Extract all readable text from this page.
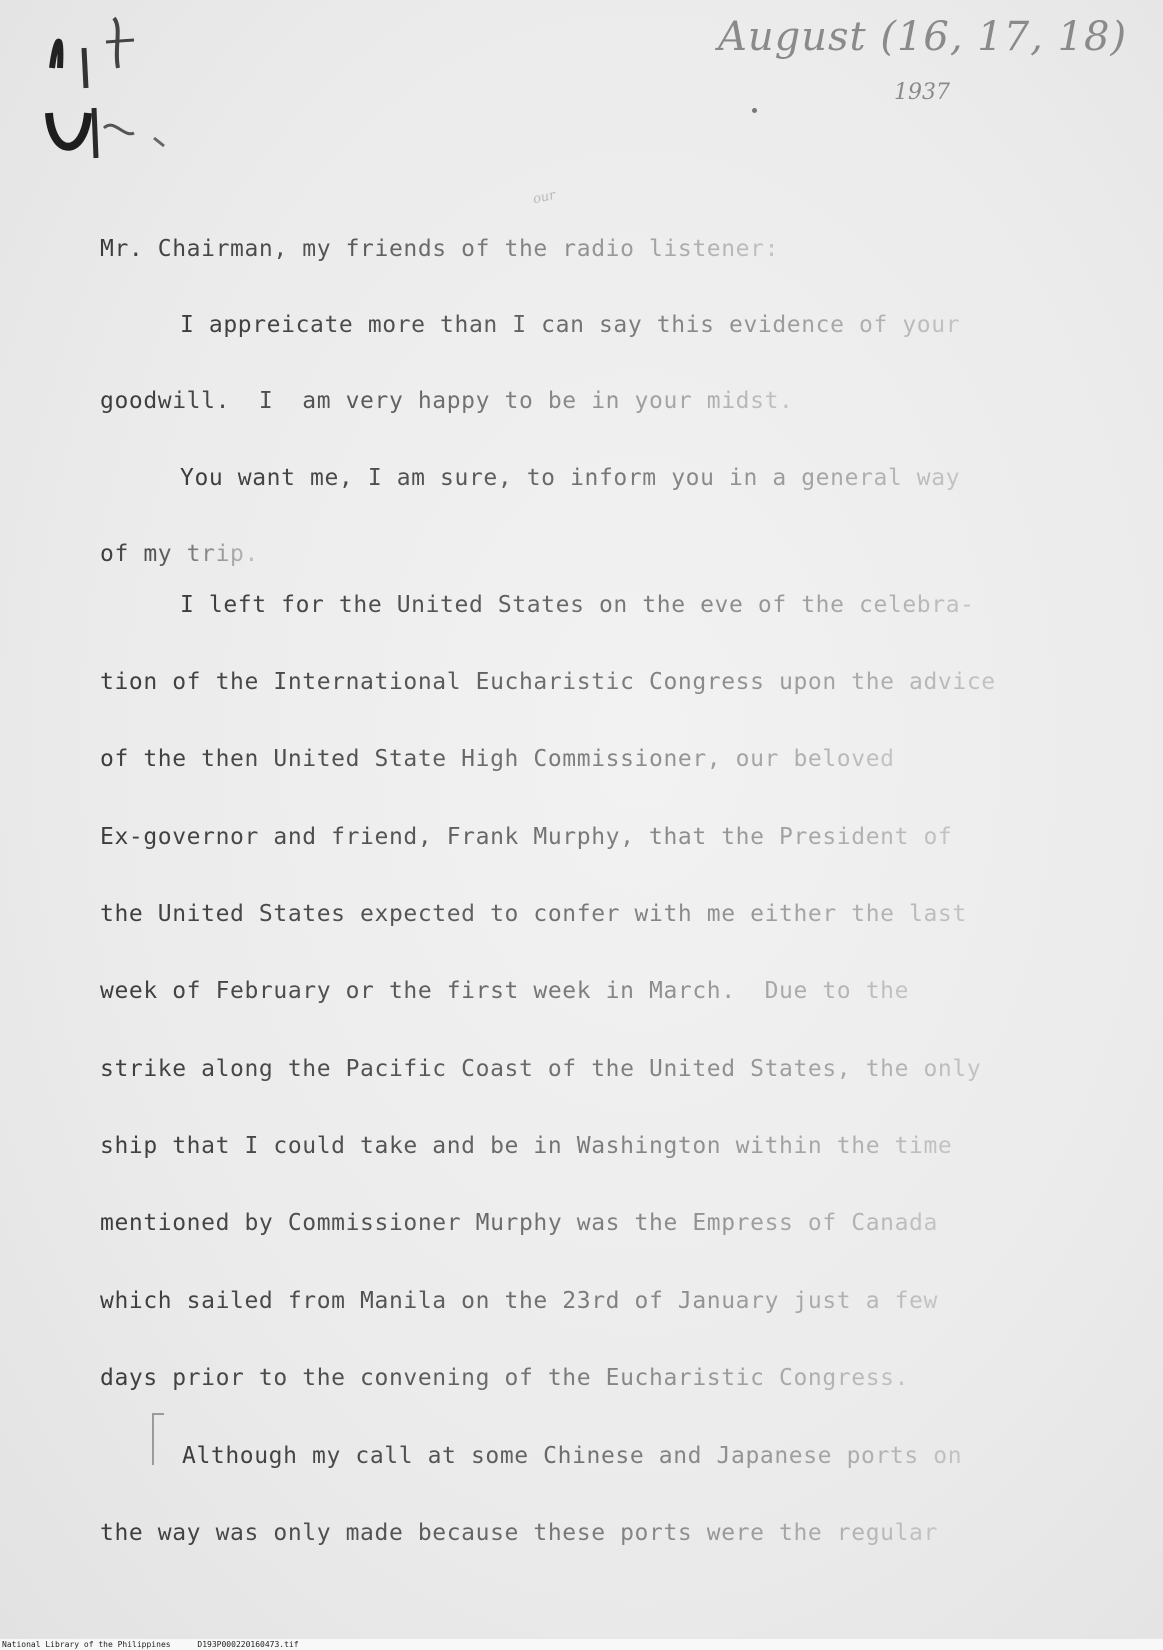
August (16, 17, 18)
1937
our
Mr. Chairman, my friends of the radio listener:
I appreicate more than I can say this evidence of your
goodwill.  I  am very happy to be in your midst.
You want me, I am sure, to inform you in a general way
of my trip.
I left for the United States on the eve of the celebra-
tion of the International Eucharistic Congress upon the advice
of the then United State High Commissioner, our beloved
Ex-governor and friend, Frank Murphy, that the President of
the United States expected to confer with me either the last
week of February or the first week in March.  Due to the
strike along the Pacific Coast of the United States, the only
ship that I could take and be in Washington within the time
mentioned by Commissioner Murphy was the Empress of Canada
which sailed from Manila on the 23rd of January just a few
days prior to the convening of the Eucharistic Congress.
Although my call at some Chinese and Japanese ports on
the way was only made because these ports were the regular
National Library of the Philippines	D193P000220160473.tif
